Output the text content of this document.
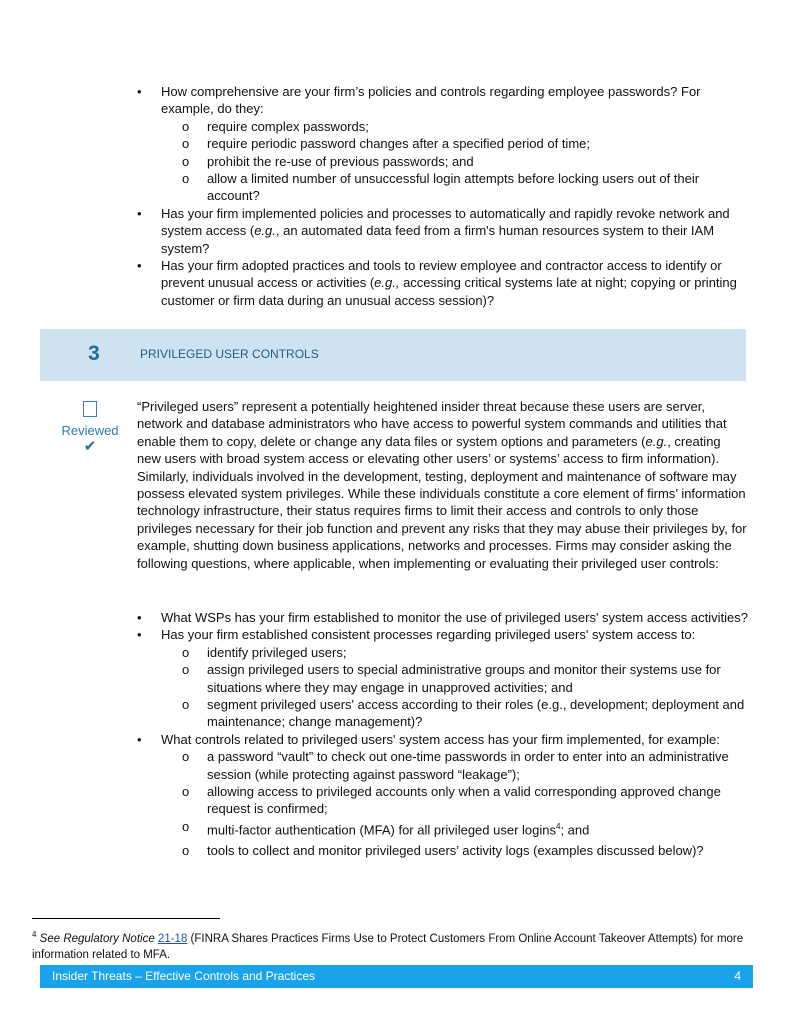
•	How comprehensive are your firm’s policies and controls regarding employee passwords? For example, do they:
o require complex passwords;
o require periodic password changes after a specified period of time;
o prohibit the re-use of previous passwords; and
o allow a limited number of unsuccessful login attempts before locking users out of their account?
•	Has your firm implemented policies and processes to automatically and rapidly revoke network and system access (e.g., an automated data feed from a firm's human resources system to their IAM system?
•	Has your firm adopted practices and tools to review employee and contractor access to identify or prevent unusual access or activities (e.g., accessing critical systems late at night; copying or printing customer or firm data during an unusual access session)?
3	PRIVILEGED USER CONTROLS
Reviewed
✔
“Privileged users” represent a potentially heightened insider threat because these users are server, network and database administrators who have access to powerful system commands and utilities that enable them to copy, delete or change any data files or system options and parameters (e.g., creating new users with broad system access or elevating other users’ or systems’ access to firm information). Similarly, individuals involved in the development, testing, deployment and maintenance of software may possess elevated system privileges. While these individuals constitute a core element of firms’ information technology infrastructure, their status requires firms to limit their access and controls to only those privileges necessary for their job function and prevent any risks that they may abuse their privileges by, for example, shutting down business applications, networks and processes. Firms may consider asking the following questions, where applicable, when implementing or evaluating their privileged user controls:
•	What WSPs has your firm established to monitor the use of privileged users' system access activities?
•	Has your firm established consistent processes regarding privileged users' system access to:
o identify privileged users;
o assign privileged users to special administrative groups and monitor their systems use for situations where they may engage in unapproved activities; and
o segment privileged users' access according to their roles (e.g., development; deployment and maintenance; change management)?
•	What controls related to privileged users' system access has your firm implemented, for example:
o a password “vault” to check out one-time passwords in order to enter into an administrative session (while protecting against password “leakage”);
o allowing access to privileged accounts only when a valid corresponding approved change request is confirmed;
o multi-factor authentication (MFA) for all privileged user logins$^4$; and
o tools to collect and monitor privileged users’ activity logs (examples discussed below)?
$^4$ See Regulatory Notice 21-18 (FINRA Shares Practices Firms Use to Protect Customers From Online Account Takeover Attempts) for more information related to MFA.
Insider Threats – Effective Controls and Practices	4
